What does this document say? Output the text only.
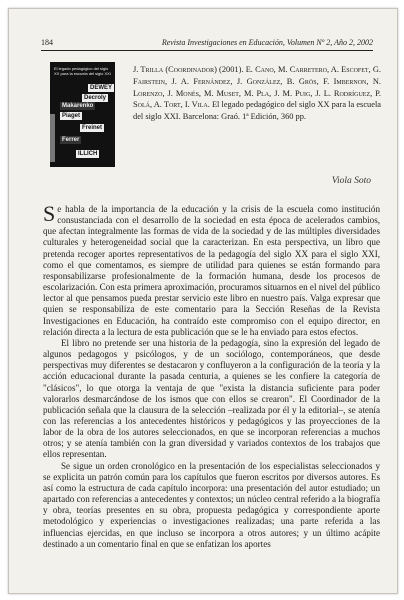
184	Revista Investigaciones en Educación, Volumen Nº 2, Año 2, 2002
El legado pedagógico del siglo XX para la escuela del siglo XXI
DEWEY
Decroly
Makarenko
Piaget
Freinet
Ferrer
ILLICH
J. Trilla (Coordinador) (2001). E. Cano, M. Carretero, A. Escofet, G. Fairstein, J. A. Fernández, J. González, B. Grös, F. Imbernon, N. Lorenzo, J. Monés, M. Muset, M. Pla, J. M. Puig, J. L. Rodríguez, P. Solá, A. Tort, I. Vila. El legado pedagógico del siglo XX para la escuela del siglo XXI. Barcelona: Graó. 1ª Edición, 360 pp.
Viola Soto

Se habla de la importancia de la educación y la crisis de la escuela como institución consustanciada con el desarrollo de la sociedad en esta época de acelerados cambios, que afectan integralmente las formas de vida de la sociedad y de las múltiples diversidades culturales y heterogeneidad social que la caracterizan. En esta perspectiva, un libro que pretenda recoger aportes representativos de la pedagogía del siglo XX para el siglo XXI, como el que comentamos, es siempre de utilidad para quienes se están formando para responsabilizarse profesionalmente de la formación humana, desde los procesos de escolarización. Con esta primera aproximación, procuramos situarnos en el nivel del público lector al que pensamos pueda prestar servicio este libro en nuestro país. Valga expresar que quien se responsabiliza de este comentario para la Sección Reseñas de la Revista Investigaciones en Educación, ha contraído este compromiso con el equipo director, en relación directa a la lectura de esta publicación que se le ha enviado para estos efectos.

El libro no pretende ser una historia de la pedagogía, sino la expresión del legado de algunos pedagogos y psicólogos, y de un sociólogo, contemporáneos, que desde perspectivas muy diferentes se destacaron y confluyeron a la configuración de la teoría y la acción educacional durante la pasada centuria, a quienes se les confiere la categoría de "clásicos", lo que otorga la ventaja de que "exista la distancia suficiente para poder valorarlos desmarcándose de los ismos que con ellos se crearon". El Coordinador de la publicación señala que la clausura de la selección –realizada por él y la editorial–, se atenía con las referencias a los antecedentes históricos y pedagógicos y las proyecciones de la labor de la obra de los autores seleccionados, en que se incorporan referencias a muchos otros; y se atenía también con la gran diversidad y variados contextos de los trabajos que ellos representan.

Se sigue un orden cronológico en la presentación de los especialistas seleccionados y se explicita un patrón común para los capítulos que fueron escritos por diversos autores. Es así como la estructura de cada capítulo incorpora: una presentación del autor estudiado; un apartado con referencias a antecedentes y contextos; un núcleo central referido a la biografía y obra, teorías presentes en su obra, propuesta pedagógica y correspondiente aporte metodológico y experiencias o investigaciones realizadas; una parte referida a las influencias ejercidas, en que incluso se incorpora a otros autores; y un último acápite destinado a un comentario final en que se enfatizan los aportes
